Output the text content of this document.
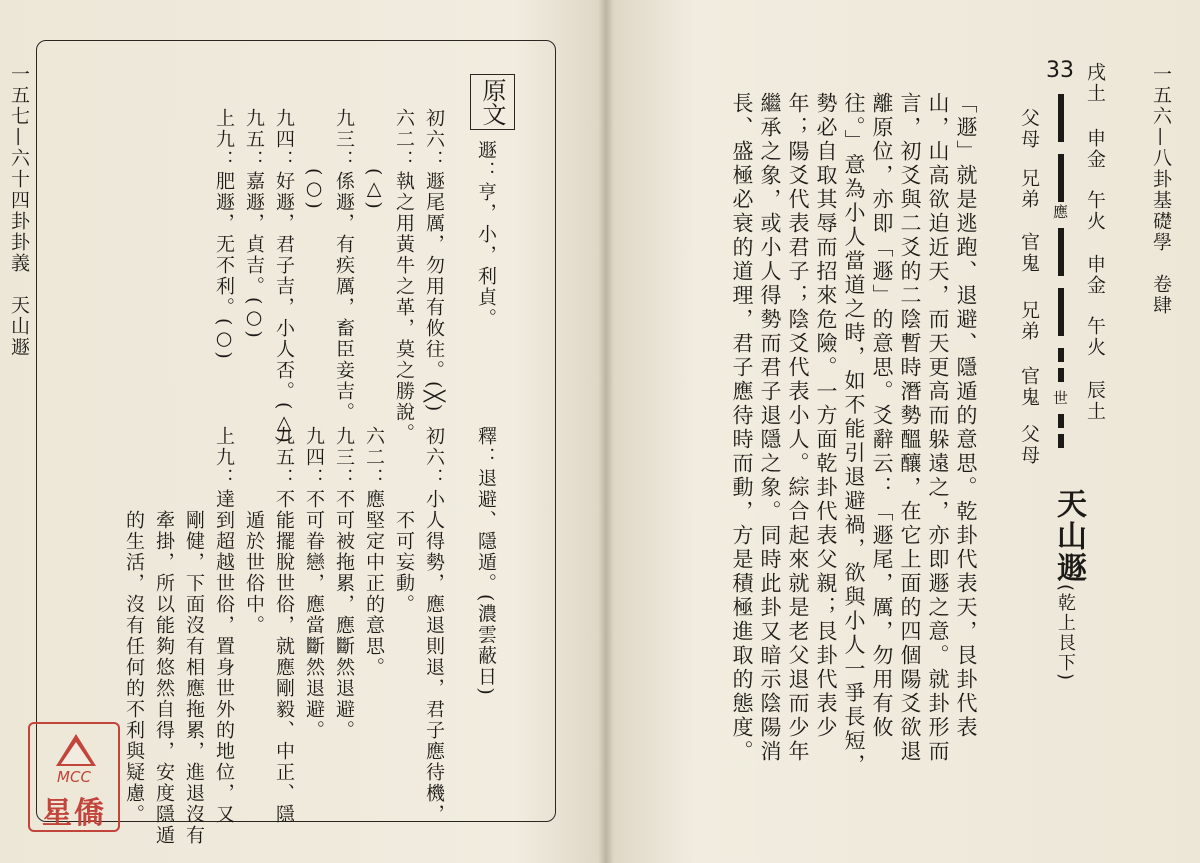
一五七—六十四卦卦義　天山遯	原文
遯：亨，小，利貞。
初六：遯尾厲，勿用有攸往。(╳)
六二：執之用黃牛之革，莫之勝說。
(△)
九三：係遯，有疾厲，畜臣妾吉。
(○)
九四：好遯，君子吉，小人否。(△)
九五：嘉遯，貞吉。(○)
上九：肥遯，无不利。(○)
釋：退避、隱遁。(濃雲蔽日)
初六：小人得勢，應退則退，君子應待機，
不可妄動。
六二：應堅定中正的意思。
九三：不可被拖累，應斷然退避。
九四：不可眷戀，應當斷然退避。
九五：不能擺脫世俗，就應剛毅、中正、隱
遁於世俗中。
上九：達到超越世俗，置身世外的地位，又
剛健，下面沒有相應拖累，進退沒有
牽掛，所以能夠悠然自得，安度隱遁
的生活，沒有任何的不利與疑慮。
MCC
星僑
一五六—八卦基礎學　卷肆
戌土
申金
午火
申金
午火
辰土
33
應
世
父母
兄弟
官鬼
兄弟
官鬼
父母
天山遯
(乾上艮下)
「遯」就是逃跑、退避、隱遁的意思。乾卦代表天，艮卦代表山，山高欲迫近天，而天更高而躲遠之，亦即遯之意。就卦形而言，初爻與二爻的二陰暫時潛勢醞釀，在它上面的四個陽爻欲退離原位，亦即「遯」的意思。爻辭云：「遯尾，厲，勿用有攸往。」意為小人當道之時，如不能引退避禍，欲與小人一爭長短，勢必自取其辱而招來危險。一方面乾卦代表父親；艮卦代表少年；陽爻代表君子；陰爻代表小人。綜合起來就是老父退而少年繼承之象，或小人得勢而君子退隱之象。同時此卦又暗示陰陽消長、盛極必衰的道理，君子應待時而動，方是積極進取的態度。
